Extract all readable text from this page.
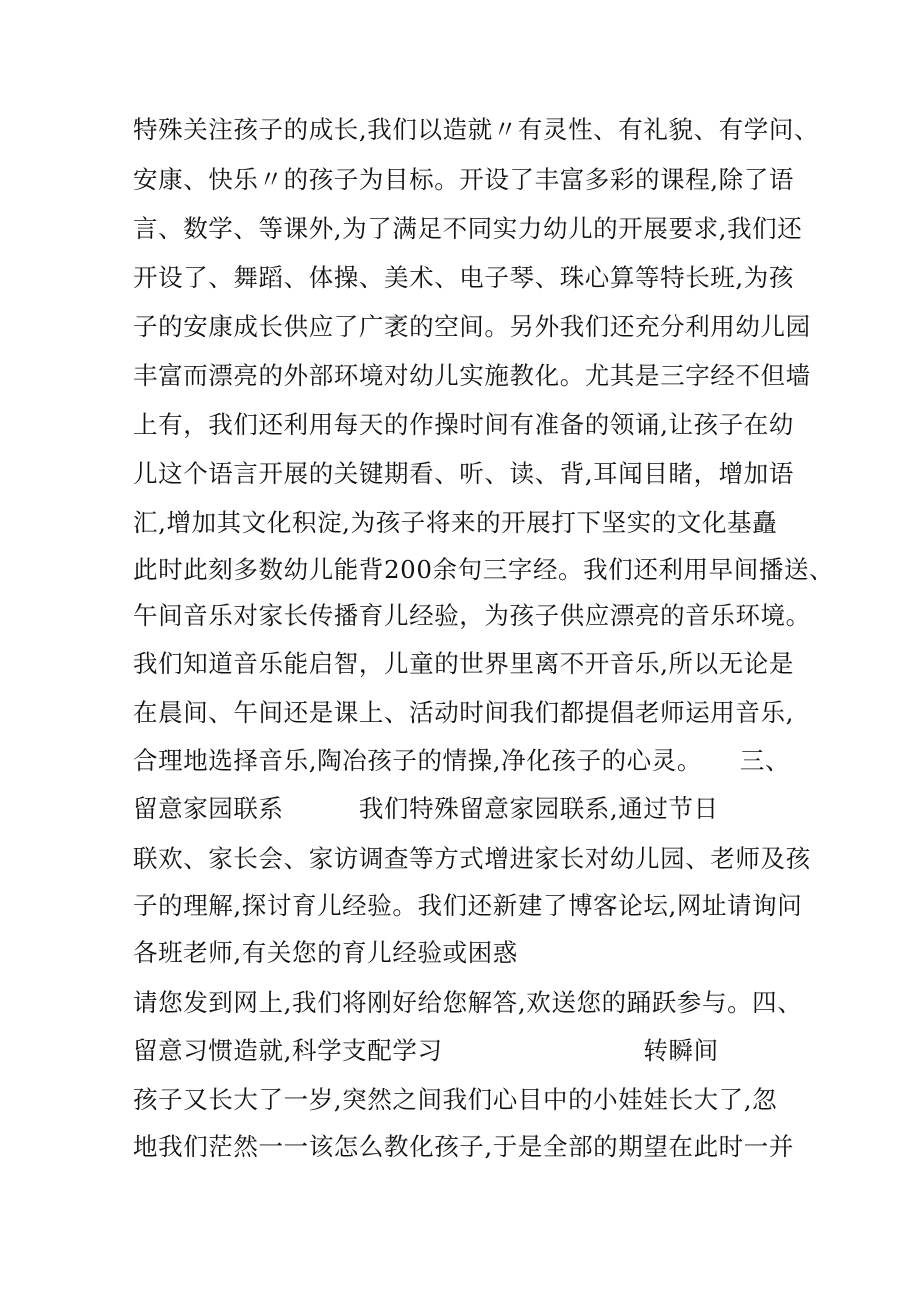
特殊关注孩子的成长,我们以造就〃有灵性、有礼貌、有学问、
安康、快乐〃的孩子为目标。开设了丰富多彩的课程,除了语
言、数学、等课外,为了满足不同实力幼儿的开展要求,我们还
开设了、舞蹈、体操、美术、电子琴、珠心算等特长班,为孩
子的安康成长供应了广袤的空间。另外我们还充分利用幼儿园
丰富而漂亮的外部环境对幼儿实施教化。尤其是三字经不但墙
上有，我们还利用每天的作操时间有准备的领诵,让孩子在幼
儿这个语言开展的关键期看、听、读、背,耳闻目睹，增加语
汇,增加其文化积淀,为孩子将来的开展打下坚实的文化基矗
此时此刻多数幼儿能背200余句三字经。我们还利用早间播送、
午间音乐对家长传播育儿经验，为孩子供应漂亮的音乐环境。
我们知道音乐能启智，儿童的世界里离不开音乐,所以无论是
在晨间、午间还是课上、活动时间我们都提倡老师运用音乐,
合理地选择音乐,陶冶孩子的情操,净化孩子的心灵。　　三、
留意家园联系　　　我们特殊留意家园联系,通过节日
联欢、家长会、家访调查等方式增进家长对幼儿园、老师及孩
子的理解,探讨育儿经验。我们还新建了博客论坛,网址请询问
各班老师,有关您的育儿经验或困惑
请您发到网上,我们将刚好给您解答,欢送您的踊跃参与。四、
留意习惯造就,科学支配学习　　　　　　　　转瞬间
孩子又长大了一岁,突然之间我们心目中的小娃娃长大了,忽
地我们茫然一一该怎么教化孩子,于是全部的期望在此时一并
